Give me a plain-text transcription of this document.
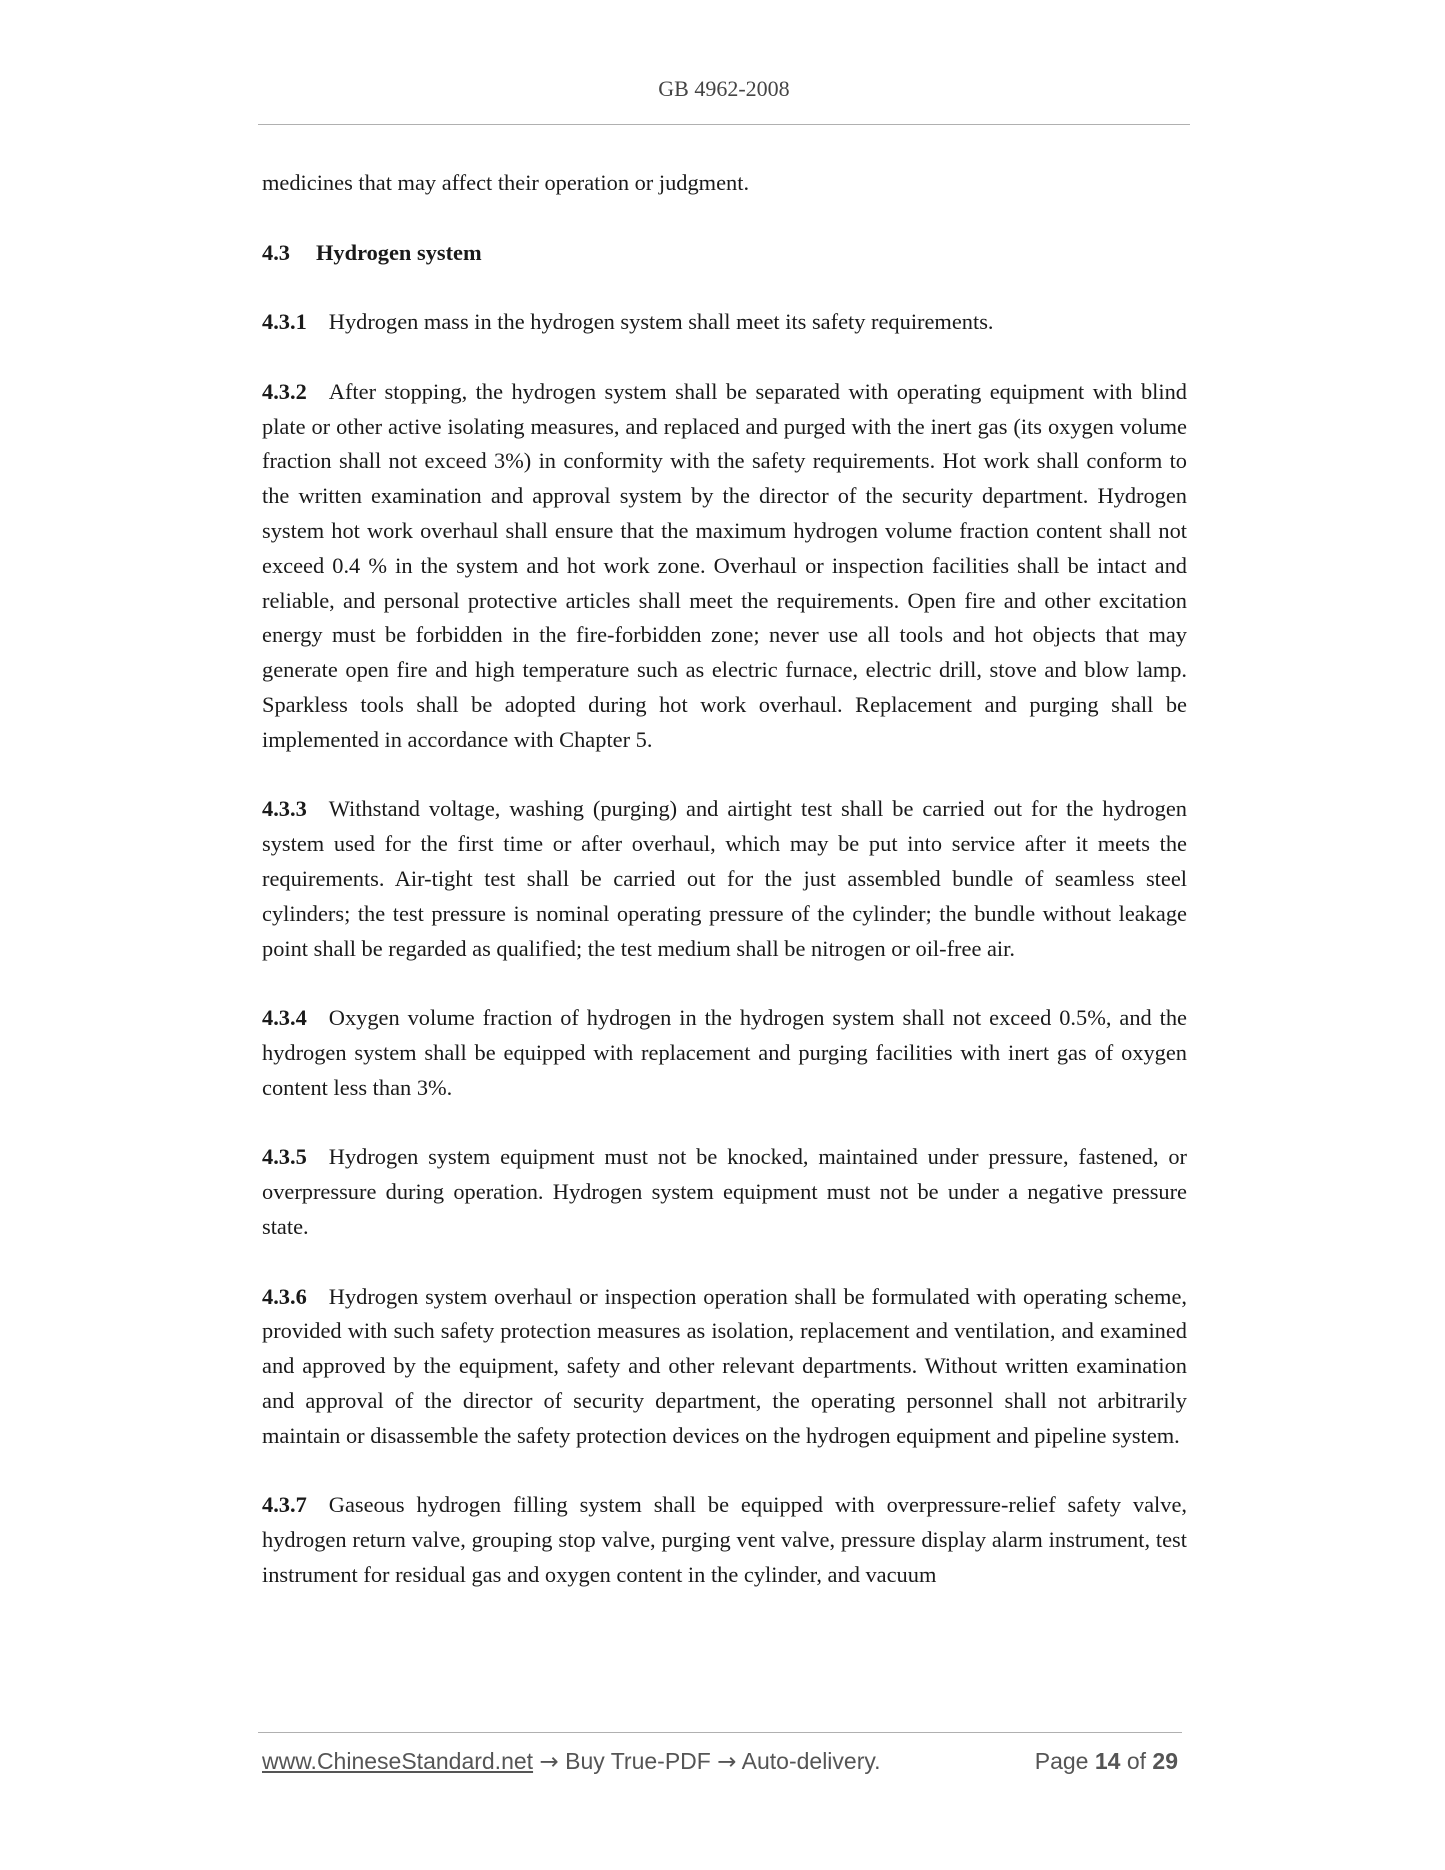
GB 4962-2008

medicines that may affect their operation or judgment.

4.3 Hydrogen system

4.3.1 Hydrogen mass in the hydrogen system shall meet its safety requirements.

4.3.2 After stopping, the hydrogen system shall be separated with operating equipment with blind plate or other active isolating measures, and replaced and purged with the inert gas (its oxygen volume fraction shall not exceed 3%) in conformity with the safety requirements. Hot work shall conform to the written examination and approval system by the director of the security department. Hydrogen system hot work overhaul shall ensure that the maximum hydrogen volume fraction content shall not exceed 0.4 % in the system and hot work zone. Overhaul or inspection facilities shall be intact and reliable, and personal protective articles shall meet the requirements. Open fire and other excitation energy must be forbidden in the fire-forbidden zone; never use all tools and hot objects that may generate open fire and high temperature such as electric furnace, electric drill, stove and blow lamp. Sparkless tools shall be adopted during hot work overhaul. Replacement and purging shall be implemented in accordance with Chapter 5.

4.3.3 Withstand voltage, washing (purging) and airtight test shall be carried out for the hydrogen system used for the first time or after overhaul, which may be put into service after it meets the requirements. Air-tight test shall be carried out for the just assembled bundle of seamless steel cylinders; the test pressure is nominal operating pressure of the cylinder; the bundle without leakage point shall be regarded as qualified; the test medium shall be nitrogen or oil-free air.

4.3.4 Oxygen volume fraction of hydrogen in the hydrogen system shall not exceed 0.5%, and the hydrogen system shall be equipped with replacement and purging facilities with inert gas of oxygen content less than 3%.

4.3.5 Hydrogen system equipment must not be knocked, maintained under pressure, fastened, or overpressure during operation. Hydrogen system equipment must not be under a negative pressure state.

4.3.6 Hydrogen system overhaul or inspection operation shall be formulated with operating scheme, provided with such safety protection measures as isolation, replacement and ventilation, and examined and approved by the equipment, safety and other relevant departments. Without written examination and approval of the director of security department, the operating personnel shall not arbitrarily maintain or disassemble the safety protection devices on the hydrogen equipment and pipeline system.

4.3.7 Gaseous hydrogen filling system shall be equipped with overpressure-relief safety valve, hydrogen return valve, grouping stop valve, purging vent valve, pressure display alarm instrument, test instrument for residual gas and oxygen content in the cylinder, and vacuum

www.ChineseStandard.net → Buy True-PDF → Auto-delivery.	Page 14 of 29
